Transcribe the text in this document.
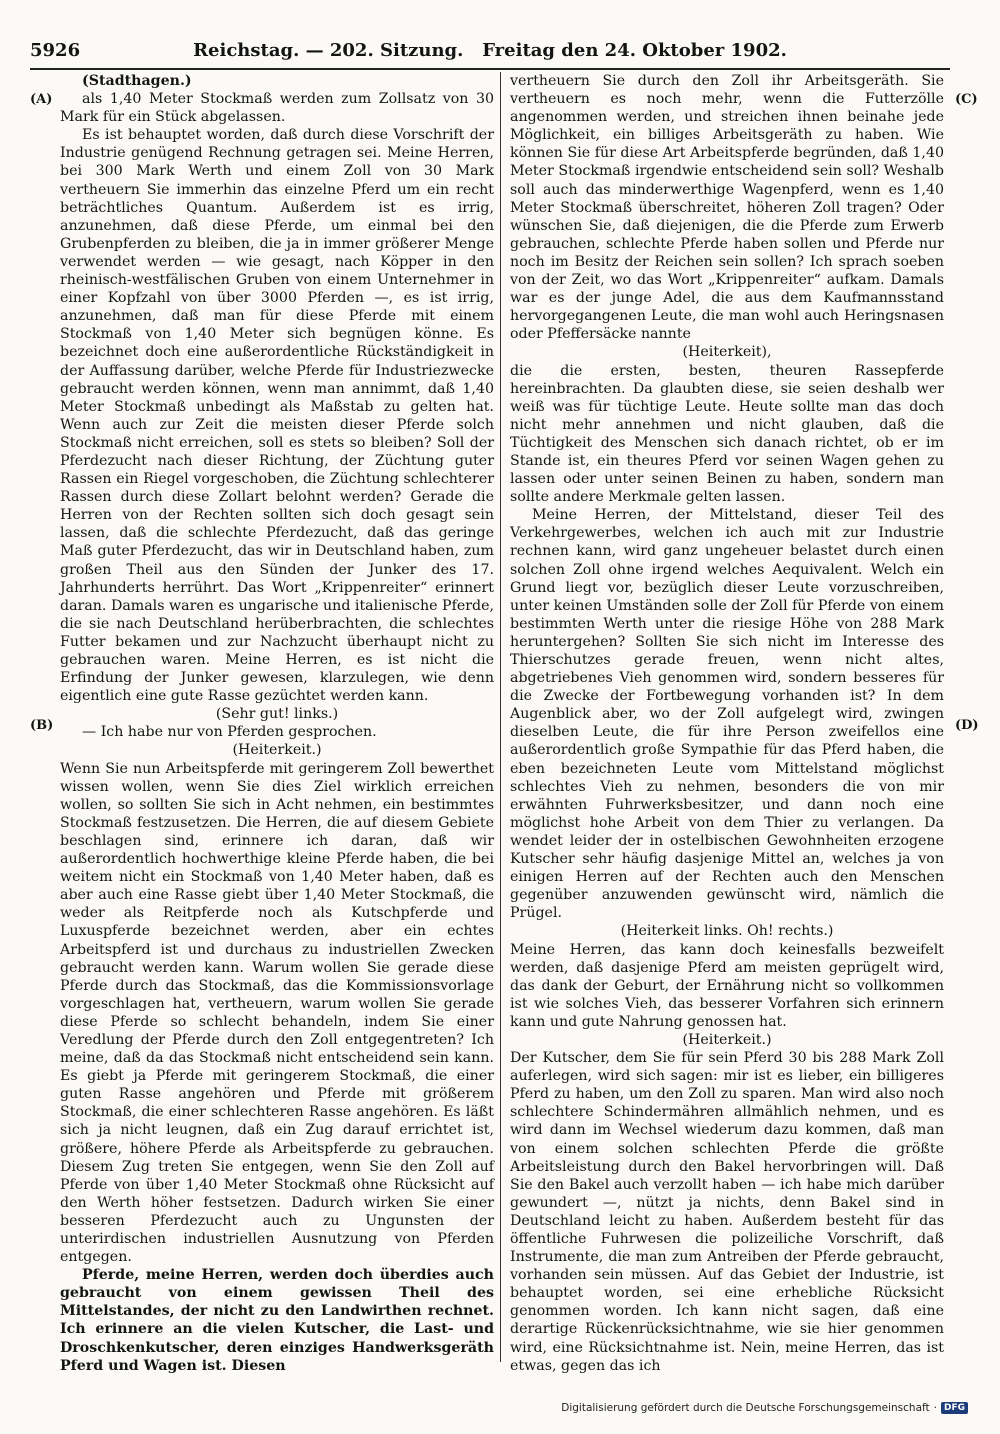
5926	Reichstag. — 202. Sitzung. Freitag den 24. Oktober 1902.
(A)
(B)
(C)
(D)

(Stadthagen.)

als 1,40 Meter Stockmaß werden zum Zollsatz von 30 Mark für ein Stück abgelassen.

Es ist behauptet worden, daß durch diese Vorschrift der Industrie genügend Rechnung getragen sei. Meine Herren, bei 300 Mark Werth und einem Zoll von 30 Mark vertheuern Sie immerhin das einzelne Pferd um ein recht beträchtliches Quantum. Außerdem ist es irrig, anzunehmen, daß diese Pferde, um einmal bei den Grubenpferden zu bleiben, die ja in immer größerer Menge verwendet werden — wie gesagt, nach Köpper in den rheinisch-westfälischen Gruben von einem Unternehmer in einer Kopfzahl von über 3000 Pferden —, es ist irrig, anzunehmen, daß man für diese Pferde mit einem Stockmaß von 1,40 Meter sich begnügen könne. Es bezeichnet doch eine außerordentliche Rückständigkeit in der Auffassung darüber, welche Pferde für Industriezwecke gebraucht werden können, wenn man annimmt, daß 1,40 Meter Stockmaß unbedingt als Maßstab zu gelten hat. Wenn auch zur Zeit die meisten dieser Pferde solch Stockmaß nicht erreichen, soll es stets so bleiben? Soll der Pferdezucht nach dieser Richtung, der Züchtung guter Rassen ein Riegel vorgeschoben, die Züchtung schlechterer Rassen durch diese Zollart belohnt werden? Gerade die Herren von der Rechten sollten sich doch gesagt sein lassen, daß die schlechte Pferdezucht, daß das geringe Maß guter Pferdezucht, das wir in Deutschland haben, zum großen Theil aus den Sünden der Junker des 17. Jahrhunderts herrührt. Das Wort „Krippenreiter“ erinnert daran. Damals waren es ungarische und italienische Pferde, die sie nach Deutschland herüberbrachten, die schlechtes Futter bekamen und zur Nachzucht überhaupt nicht zu gebrauchen waren. Meine Herren, es ist nicht die Erfindung der Junker gewesen, klarzulegen, wie denn eigentlich eine gute Rasse gezüchtet werden kann.

(Sehr gut! links.)

— Ich habe nur von Pferden gesprochen.

(Heiterkeit.)

Wenn Sie nun Arbeitspferde mit geringerem Zoll bewerthet wissen wollen, wenn Sie dies Ziel wirklich erreichen wollen, so sollten Sie sich in Acht nehmen, ein bestimmtes Stockmaß festzusetzen. Die Herren, die auf diesem Gebiete beschlagen sind, erinnere ich daran, daß wir außerordentlich hochwerthige kleine Pferde haben, die bei weitem nicht ein Stockmaß von 1,40 Meter haben, daß es aber auch eine Rasse giebt über 1,40 Meter Stockmaß, die weder als Reitpferde noch als Kutschpferde und Luxuspferde bezeichnet werden, aber ein echtes Arbeitspferd ist und durchaus zu industriellen Zwecken gebraucht werden kann. Warum wollen Sie gerade diese Pferde durch das Stockmaß, das die Kommissionsvorlage vorgeschlagen hat, vertheuern, warum wollen Sie gerade diese Pferde so schlecht behandeln, indem Sie einer Veredlung der Pferde durch den Zoll entgegentreten? Ich meine, daß da das Stockmaß nicht entscheidend sein kann. Es giebt ja Pferde mit geringerem Stockmaß, die einer guten Rasse angehören und Pferde mit größerem Stockmaß, die einer schlechteren Rasse angehören. Es läßt sich ja nicht leugnen, daß ein Zug darauf errichtet ist, größere, höhere Pferde als Arbeitspferde zu gebrauchen. Diesem Zug treten Sie entgegen, wenn Sie den Zoll auf Pferde von über 1,40 Meter Stockmaß ohne Rücksicht auf den Werth höher festsetzen. Dadurch wirken Sie einer besseren Pferdezucht auch zu Ungunsten der unterirdischen industriellen Ausnutzung von Pferden entgegen.

Pferde, meine Herren, werden doch überdies auch gebraucht von einem gewissen Theil des Mittelstandes, der nicht zu den Landwirthen rechnet. Ich erinnere an die vielen Kutscher, die Last- und Droschkenkutscher, deren einziges Handwerksgeräth Pferd und Wagen ist. Diesen

vertheuern Sie durch den Zoll ihr Arbeitsgeräth. Sie vertheuern es noch mehr, wenn die Futterzölle angenommen werden, und streichen ihnen beinahe jede Möglichkeit, ein billiges Arbeitsgeräth zu haben. Wie können Sie für diese Art Arbeitspferde begründen, daß 1,40 Meter Stockmaß irgendwie entscheidend sein soll? Weshalb soll auch das minderwerthige Wagenpferd, wenn es 1,40 Meter Stockmaß überschreitet, höheren Zoll tragen? Oder wünschen Sie, daß diejenigen, die die Pferde zum Erwerb gebrauchen, schlechte Pferde haben sollen und Pferde nur noch im Besitz der Reichen sein sollen? Ich sprach soeben von der Zeit, wo das Wort „Krippenreiter“ aufkam. Damals war es der junge Adel, die aus dem Kaufmannsstand hervorgegangenen Leute, die man wohl auch Heringsnasen oder Pfeffersäcke nannte

(Heiterkeit),

die die ersten, besten, theuren Rassepferde hereinbrachten. Da glaubten diese, sie seien deshalb wer weiß was für tüchtige Leute. Heute sollte man das doch nicht mehr annehmen und nicht glauben, daß die Tüchtigkeit des Menschen sich danach richtet, ob er im Stande ist, ein theures Pferd vor seinen Wagen gehen zu lassen oder unter seinen Beinen zu haben, sondern man sollte andere Merkmale gelten lassen.

Meine Herren, der Mittelstand, dieser Teil des Verkehrgewerbes, welchen ich auch mit zur Industrie rechnen kann, wird ganz ungeheuer belastet durch einen solchen Zoll ohne irgend welches Aequivalent. Welch ein Grund liegt vor, bezüglich dieser Leute vorzuschreiben, unter keinen Umständen solle der Zoll für Pferde von einem bestimmten Werth unter die riesige Höhe von 288 Mark heruntergehen? Sollten Sie sich nicht im Interesse des Thierschutzes gerade freuen, wenn nicht altes, abgetriebenes Vieh genommen wird, sondern besseres für die Zwecke der Fortbewegung vorhanden ist? In dem Augenblick aber, wo der Zoll aufgelegt wird, zwingen dieselben Leute, die für ihre Person zweifellos eine außerordentlich große Sympathie für das Pferd haben, die eben bezeichneten Leute vom Mittelstand möglichst schlechtes Vieh zu nehmen, besonders die von mir erwähnten Fuhrwerksbesitzer, und dann noch eine möglichst hohe Arbeit von dem Thier zu verlangen. Da wendet leider der in ostelbischen Gewohnheiten erzogene Kutscher sehr häufig dasjenige Mittel an, welches ja von einigen Herren auf der Rechten auch den Menschen gegenüber anzuwenden gewünscht wird, nämlich die Prügel.

(Heiterkeit links. Oh! rechts.)

Meine Herren, das kann doch keinesfalls bezweifelt werden, daß dasjenige Pferd am meisten geprügelt wird, das dank der Geburt, der Ernährung nicht so vollkommen ist wie solches Vieh, das besserer Vorfahren sich erinnern kann und gute Nahrung genossen hat.

(Heiterkeit.)

Der Kutscher, dem Sie für sein Pferd 30 bis 288 Mark Zoll auferlegen, wird sich sagen: mir ist es lieber, ein billigeres Pferd zu haben, um den Zoll zu sparen. Man wird also noch schlechtere Schindermähren allmählich nehmen, und es wird dann im Wechsel wiederum dazu kommen, daß man von einem solchen schlechten Pferde die größte Arbeitsleistung durch den Bakel hervorbringen will. Daß Sie den Bakel auch verzollt haben — ich habe mich darüber gewundert —, nützt ja nichts, denn Bakel sind in Deutschland leicht zu haben. Außerdem besteht für das öffentliche Fuhrwesen die polizeiliche Vorschrift, daß Instrumente, die man zum Antreiben der Pferde gebraucht, vorhanden sein müssen. Auf das Gebiet der Industrie, ist behauptet worden, sei eine erhebliche Rücksicht genommen worden. Ich kann nicht sagen, daß eine derartige Rückenrücksichtnahme, wie sie hier genommen wird, eine Rücksichtnahme ist. Nein, meine Herren, das ist etwas, gegen das ich

Digitalisierung gefördert durch die Deutsche Forschungsgemeinschaft · DFG
